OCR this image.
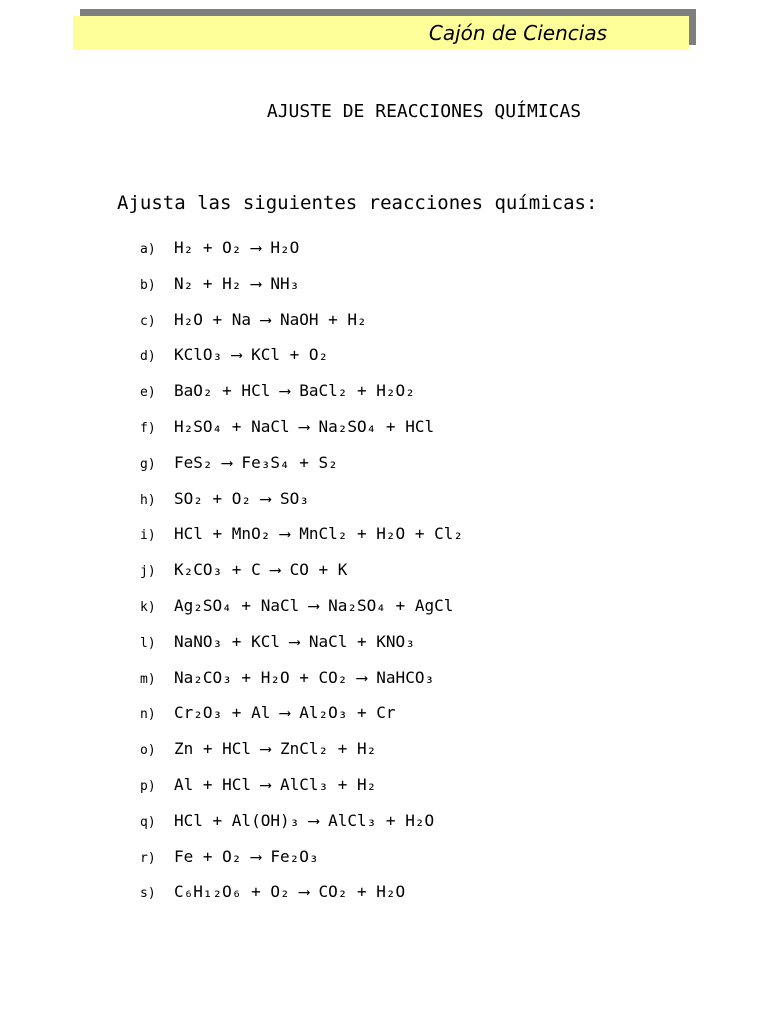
Cajón de Ciencias
AJUSTE DE REACCIONES QUÍMICAS
Ajusta las siguientes reacciones químicas:
a)	H₂ + O₂ ⟶ H₂O
b)	N₂ + H₂ ⟶ NH₃
c)	H₂O + Na ⟶ NaOH + H₂
d)	KClO₃ ⟶ KCl + O₂
e)	BaO₂ + HCl ⟶ BaCl₂ + H₂O₂
f)	H₂SO₄ + NaCl ⟶ Na₂SO₄ + HCl
g)	FeS₂ ⟶ Fe₃S₄ + S₂
h)	SO₂ + O₂ ⟶ SO₃
i)	HCl + MnO₂ ⟶ MnCl₂ + H₂O + Cl₂
j)	K₂CO₃ + C ⟶ CO + K
k)	Ag₂SO₄ + NaCl ⟶ Na₂SO₄ + AgCl
l)	NaNO₃ + KCl ⟶ NaCl + KNO₃
m)	Na₂CO₃ + H₂O + CO₂ ⟶ NaHCO₃
n)	Cr₂O₃ + Al ⟶ Al₂O₃ + Cr
o)	Zn + HCl ⟶ ZnCl₂ + H₂
p)	Al + HCl ⟶ AlCl₃ + H₂
q)	HCl + Al(OH)₃ ⟶ AlCl₃ + H₂O
r)	Fe + O₂ ⟶ Fe₂O₃
s)	C₆H₁₂O₆ + O₂ ⟶ CO₂ + H₂O
